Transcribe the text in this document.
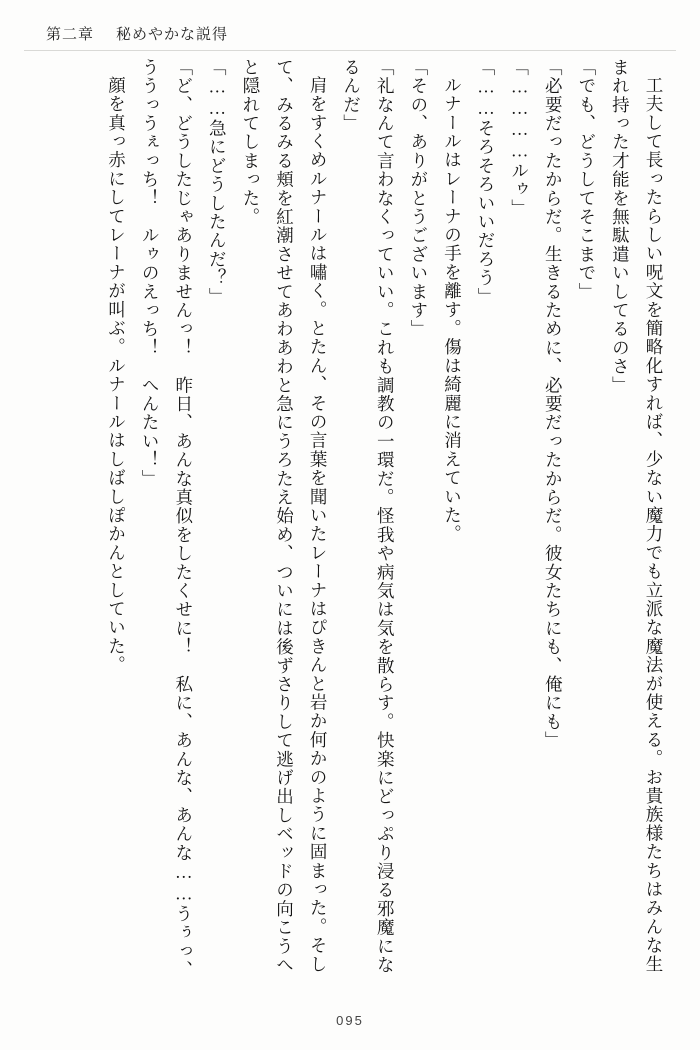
第二章 秘めやかな説得

工夫して長ったらしい呪文を簡略化すれば、少ない魔力でも立派な魔法が使える。お貴族様たちはみんな生まれ持った才能を無駄遣いしてるのさ」

「でも、どうしてそこまで」

「必要だったからだ。生きるために、必要だったからだ。彼女たちにも、俺にも」

「…………ルゥ」

「……そろそろいいだろう」

ルナールはレーナの手を離す。傷は綺麗に消えていた。

「その、ありがとうございます」

「礼なんて言わなくっていい。これも調教の一環だ。怪我や病気は気を散らす。快楽にどっぷり浸る邪魔になるんだ」

肩をすくめルナールは嘯く。とたん、その言葉を聞いたレーナはぴきんと岩か何かのように固まった。そして、みるみる頬を紅潮させてあわあわと急にうろたえ始め、ついには後ずさりして逃げ出しベッドの向こうへと隠れてしまった。

「……急にどうしたんだ？」

「ど、どうしたじゃありませんっ！　昨日、あんな真似をしたくせに！　私に、あんな、あんな……うぅっ、ううっうぇっち！　ルゥのえっち！　へんたい！」

顔を真っ赤にしてレーナが叫ぶ。ルナールはしばしぽかんとしていた。

095
